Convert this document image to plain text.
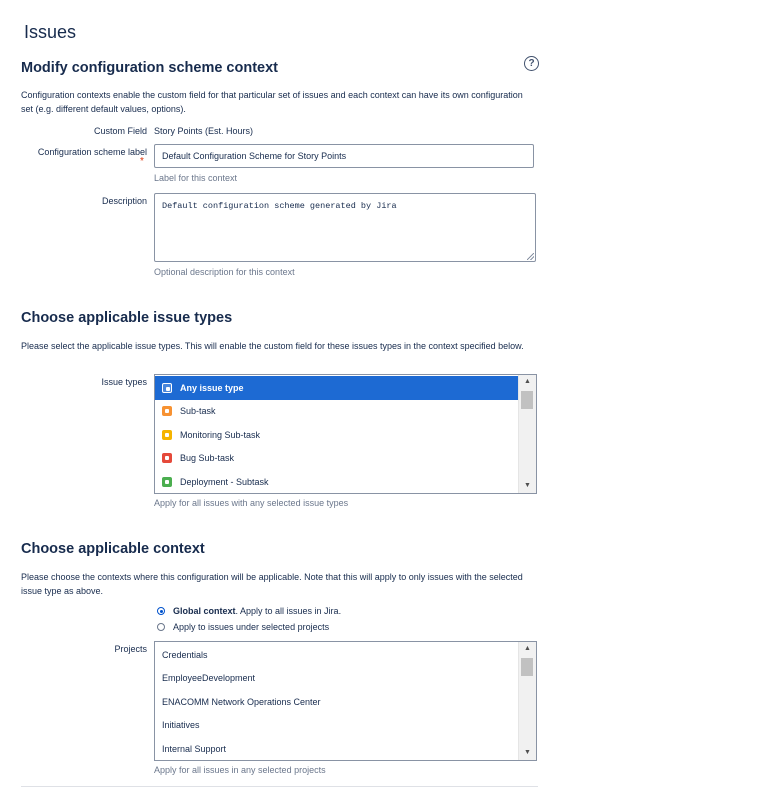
Issues
Modify configuration scheme context	?
Configuration contexts enable the custom field for that particular set of issues and each context can have its own configuration set (e.g. different default values, options).
Custom Field Story Points (Est. Hours)
Configuration scheme label
*	Default Configuration Scheme for Story Points
Label for this context
Description	Default configuration scheme generated by Jira
Optional description for this context
Choose applicable issue types
Please select the applicable issue types. This will enable the custom field for these issues types in the context specified below.
Issue types
Any issue type
Sub-task
Monitoring Sub-task
Bug Sub-task
Deployment - Subtask
▲
▼
Apply for all issues with any selected issue types
Choose applicable context
Please choose the contexts where this configuration will be applicable. Note that this will apply to only issues with the selected issue type as above.
Global context. Apply to all issues in Jira.
Apply to issues under selected projects
Projects
Credentials
EmployeeDevelopment
ENACOMM Network Operations Center
Initiatives
Internal Support
▲
▼
Apply for all issues in any selected projects
